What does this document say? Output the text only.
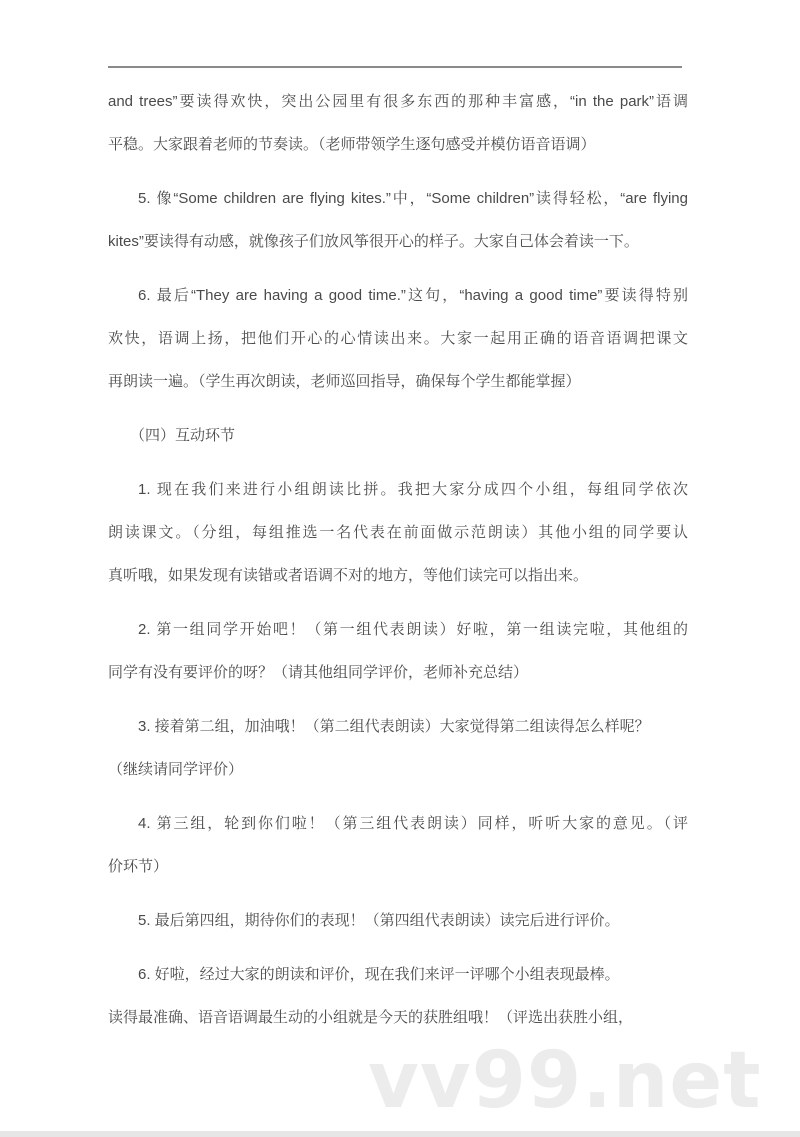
and trees”要读得欢快，突出公园里有很多东西的那种丰富感，“in the park”语调
平稳。大家跟着老师的节奏读。（老师带领学生逐句感受并模仿语音语调）
5. 像“Some children are flying kites.”中，“Some children”读得轻松，“are flying
kites”要读得有动感，就像孩子们放风筝很开心的样子。大家自己体会着读一下。
6. 最后“They are having a good time.”这句，“having a good time”要读得特别
欢快，语调上扬，把他们开心的心情读出来。大家一起用正确的语音语调把课文
再朗读一遍。（学生再次朗读，老师巡回指导，确保每个学生都能掌握）
（四）互动环节
1. 现在我们来进行小组朗读比拼。我把大家分成四个小组，每组同学依次
朗读课文。（分组，每组推选一名代表在前面做示范朗读）其他小组的同学要认
真听哦，如果发现有读错或者语调不对的地方，等他们读完可以指出来。
2. 第一组同学开始吧！（第一组代表朗读）好啦，第一组读完啦，其他组的
同学有没有要评价的呀？（请其他组同学评价，老师补充总结）
3. 接着第二组，加油哦！（第二组代表朗读）大家觉得第二组读得怎么样呢？
（继续请同学评价）
4. 第三组，轮到你们啦！（第三组代表朗读）同样，听听大家的意见。（评
价环节）
5. 最后第四组，期待你们的表现！（第四组代表朗读）读完后进行评价。
6. 好啦，经过大家的朗读和评价，现在我们来评一评哪个小组表现最棒。
读得最准确、语音语调最生动的小组就是今天的获胜组哦！（评选出获胜小组，
vv99.net
